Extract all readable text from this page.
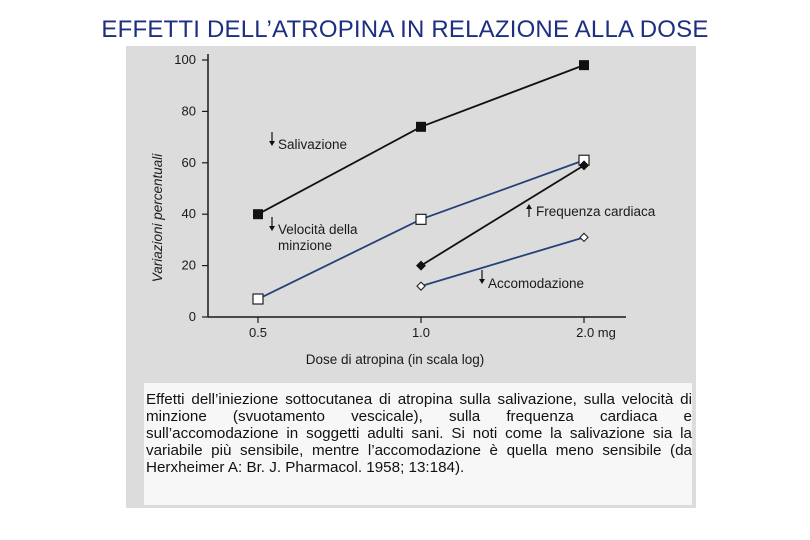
EFFETTI DELL’ATROPINA IN RELAZIONE ALLA DOSE
0
20
40
60
80
100
0.5	1.0	2.0 mg
Salivazione
Velocità della minzione
Frequenza cardiaca
Accomodazione
Variazioni percentuali
Dose di atropina (in scala log)
Effetti dell’iniezione sottocutanea di atropina sulla salivazione, sulla velocità di minzione (svuotamento vescicale), sulla frequenza cardiaca e sull’accomodazione in soggetti adulti sani. Si noti come la salivazione sia la variabile più sensibile, mentre l’accomodazione è quella meno sensibile (da Herxheimer A: Br. J. Pharmacol. 1958; 13:184).
